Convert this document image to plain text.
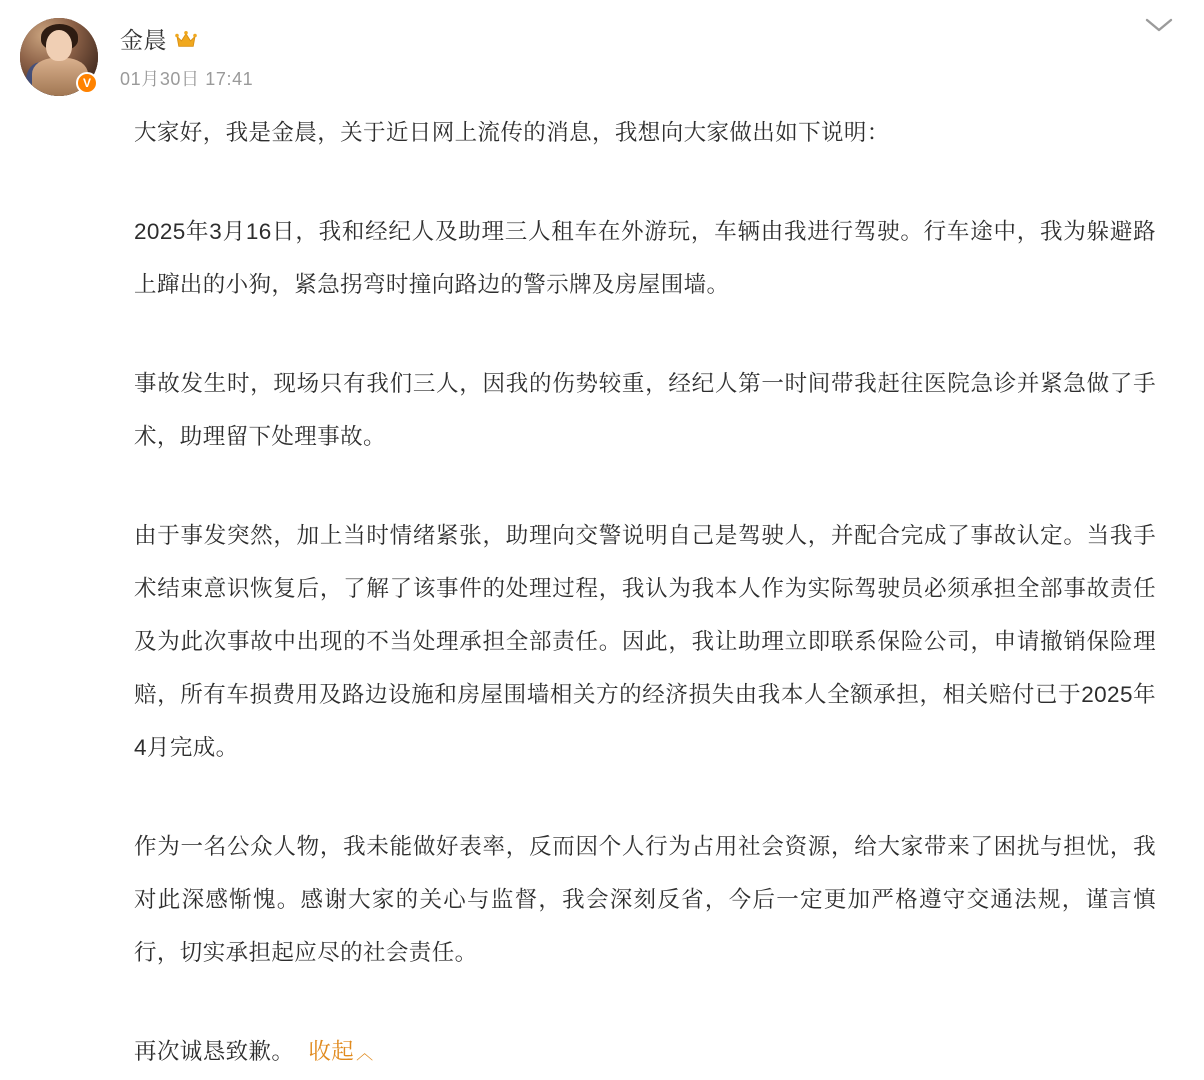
V
金晨
01月30日 17:41

大家好，我是金晨，关于近日网上流传的消息，我想向大家做出如下说明：

2025年3月16日，我和经纪人及助理三人租车在外游玩，车辆由我进行驾驶。行车途中，我为躲避路上蹿出的小狗，紧急拐弯时撞向路边的警示牌及房屋围墙。

事故发生时，现场只有我们三人，因我的伤势较重，经纪人第一时间带我赶往医院急诊并紧急做了手术，助理留下处理事故。

由于事发突然，加上当时情绪紧张，助理向交警说明自己是驾驶人，并配合完成了事故认定。当我手术结束意识恢复后，了解了该事件的处理过程，我认为我本人作为实际驾驶员必须承担全部事故责任及为此次事故中出现的不当处理承担全部责任。因此，我让助理立即联系保险公司，申请撤销保险理赔，所有车损费用及路边设施和房屋围墙相关方的经济损失由我本人全额承担，相关赔付已于2025年4月完成。

作为一名公众人物，我未能做好表率，反而因个人行为占用社会资源，给大家带来了困扰与担忧，我对此深感惭愧。感谢大家的关心与监督，我会深刻反省，今后一定更加严格遵守交通法规，谨言慎行，切实承担起应尽的社会责任。

再次诚恳致歉。 收起 ︿
